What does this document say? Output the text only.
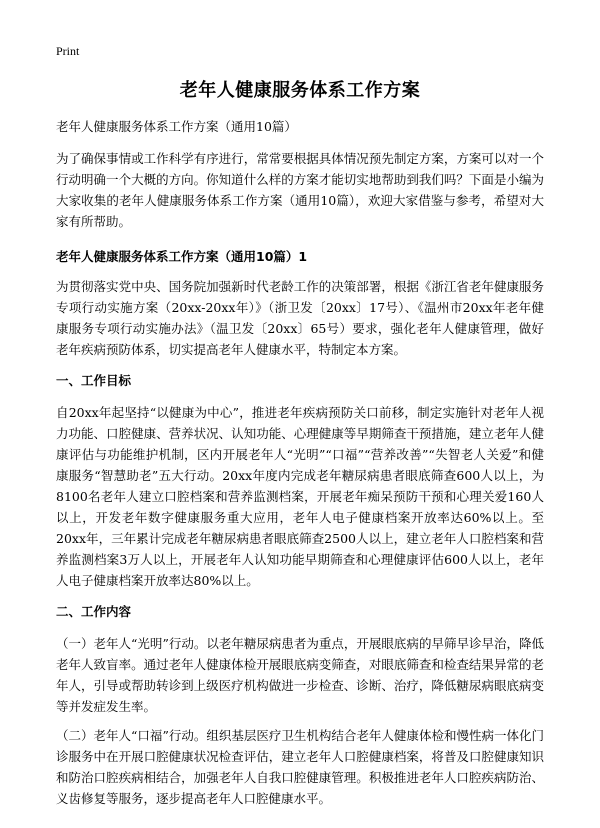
Print
老年人健康服务体系工作方案

老年人健康服务体系工作方案（通用10篇）

为了确保事情或工作科学有序进行，常常要根据具体情况预先制定方案，方案可以对一个行动明确一个大概的方向。你知道什么样的方案才能切实地帮助到我们吗？下面是小编为大家收集的老年人健康服务体系工作方案（通用10篇），欢迎大家借鉴与参考，希望对大家有所帮助。

老年人健康服务体系工作方案（通用10篇）1

为贯彻落实党中央、国务院加强新时代老龄工作的决策部署，根据《浙江省老年健康服务专项行动实施方案（20xx-20xx年）》（浙卫发〔20xx〕17号）、《温州市20xx年老年健康服务专项行动实施办法》（温卫发〔20xx〕65号）要求，强化老年人健康管理，做好老年疾病预防体系，切实提高老年人健康水平，特制定本方案。

一、工作目标

自20xx年起坚持“以健康为中心”，推进老年疾病预防关口前移，制定实施针对老年人视力功能、口腔健康、营养状况、认知功能、心理健康等早期筛查干预措施，建立老年人健康评估与功能维护机制，区内开展老年人“光明”“口福”“营养改善”“失智老人关爱”和健康服务“智慧助老”五大行动。20xx年度内完成老年糖尿病患者眼底筛查600人以上，为8100名老年人建立口腔档案和营养监测档案，开展老年痴呆预防干预和心理关爱160人以上，开发老年数字健康服务重大应用，老年人电子健康档案开放率达60%以上。至20xx年，三年累计完成老年糖尿病患者眼底筛查2500人以上，建立老年人口腔档案和营养监测档案3万人以上，开展老年人认知功能早期筛查和心理健康评估600人以上，老年人电子健康档案开放率达80%以上。

二、工作内容

（一）老年人“光明”行动。以老年糖尿病患者为重点，开展眼底病的早筛早诊早治，降低老年人致盲率。通过老年人健康体检开展眼底病变筛查，对眼底筛查和检查结果异常的老年人，引导或帮助转诊到上级医疗机构做进一步检查、诊断、治疗，降低糖尿病眼底病变等并发症发生率。

（二）老年人“口福”行动。组织基层医疗卫生机构结合老年人健康体检和慢性病一体化门诊服务中在开展口腔健康状况检查评估，建立老年人口腔健康档案，将普及口腔健康知识和防治口腔疾病相结合，加强老年人自我口腔健康管理。积极推进老年人口腔疾病防治、义齿修复等服务，逐步提高老年人口腔健康水平。
